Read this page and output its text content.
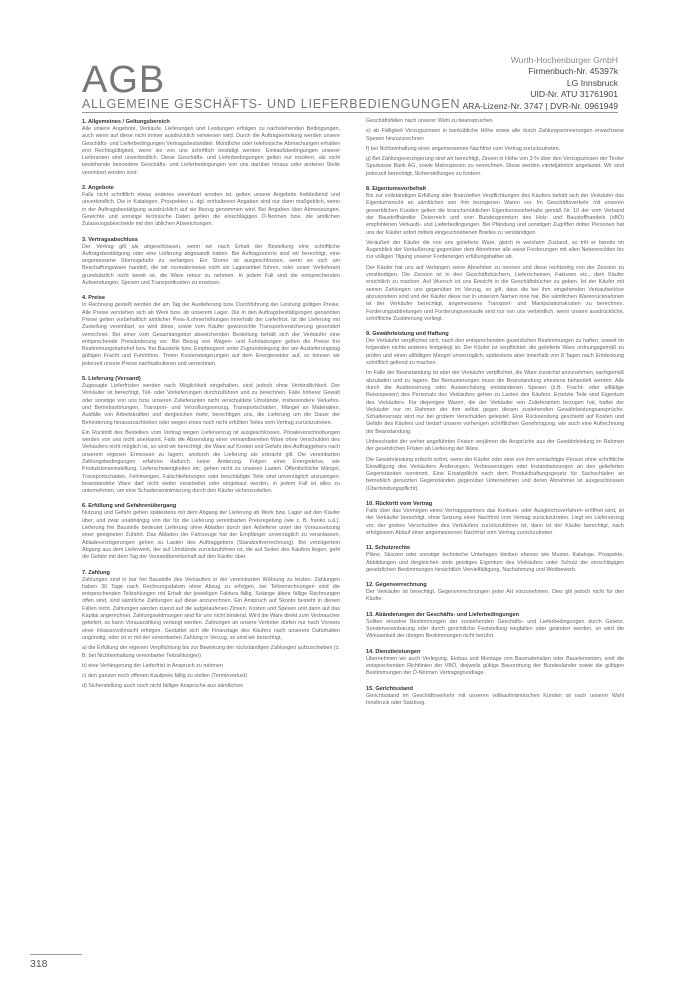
AGB
ALLGEMEINE GESCHÄFTS- UND LIEFERBEDIENGUNGEN
Wurth-Hochenburger GmbH
Firmenbuch-Nr. 45397k
LG Innsbruck
UID-Nr. ATU 31761901
ARA-Lizenz-Nr. 3747 | DVR-Nr. 0961949
1. Allgemeines / Geltungsbereich

Alle unsere Angebote, Verkäufe, Lieferungen und Leistungen erfolgen zu nachstehenden Bedingungen, auch wenn auf diese nicht immer ausdrücklich verwiesen wird. Durch die Auftragserteilung werden unsere Geschäfts- und Lieferbedingungen Vertragsbestandteil. Mündliche oder telefonische Abmachungen erhalten erst Rechtsgültigkeit, wenn sie von uns schriftlich bestätigt werden. Einkaufsbedingungen unserer Lieferanten sind unverbindlich. Diese Geschäfts- und Lieferbedingungen gelten nur insofern, als nicht bestehende besondere Geschäfts- und Lieferbedingungen von uns darüber hinaus oder anderen Stelle vereinbart worden sind.

2. Angebote

Falls nicht schriftlich etwas anderes vereinbart worden ist, gelten unsere Angebote freibleibend und unverbindlich. Die in Katalogen, Prospekten u. dgl. enthaltenen Angaben sind nur dann maßgeblich, wenn in der Auftragsbestätigung ausdrücklich auf sie Bezug genommen wird. Bei Angaben über Abmessungen, Gewichte und sonstige technische Daten gelten die einschlägigen Ö-Normen bzw. die amtlichen Zulassungsbescheide mit den üblichen Abweichungen.

3. Vertragsabschluss

Der Vertrag gilt als abgeschlossen, wenn wir nach Erhalt der Bestellung eine schriftliche Auftragsbestätigung oder eine Lieferung abgesandt haben. Bei Auftragsstorno sind wir berechtigt, eine angemessene Stornogebühr zu verlangen. Ein Storno ist ausgeschlossen, wenn es sich um Beschaffungsware handelt, die wir normalerweise nicht als Lagerartikel führen, oder unser Vorlieferant grundsätzlich nicht bereit ist, die Ware retour zu nehmen. In jedem Fall sind die entsprechenden Aufwendungen, Spesen und Transportkosten zu ersetzen.

4. Preise

In Rechnung gestellt werden die am Tag der Auslieferung bzw. Durchführung der Leistung gültigen Preise. Alle Preise verstehen sich ab Werk bzw. ab unserem Lager. Die in den Auftragsbestätigungen genannten Preise gelten vorbehaltlich amtlicher Preis-/Lohnerhöhungen innerhalb der Lieferfrist. Ist die Lieferung mit Zustellung vereinbart, so wird diese, sowie vom Käufer gewünschte Transportversicherung gesondert verrechnet. Bei einer vom Gesamtangebot abweichenden Bestellung behält sich der Verkäufer eine entsprechende Preisänderung vor. Bei Bezug von Wagen- und Fuhrladungen gelten die Preise frei Bestimmungsbahnhof bzw. frei Baustelle bzw. Empfangsort unter Zugrundelegung der am Auslieferungstag gültigen Fracht und Fuhrlöhne. Treten Kostensteigerungen auf dem Energiesektor auf, so können wir jederzeit unsere Preise nachkalkulieren und verrechnen.

5. Lieferung (Versand)

Zugesagte Lieferfristen werden nach Möglichkeit eingehalten, sind jedoch ohne Verbindlichkeit. Der Verkäufer ist berechtigt, Teil- oder Vorlieferungen durchzuführen und zu berechnen. Fälle höherer Gewalt oder sonstige von uns bzw. unseren Zulieferanten nicht verschuldete Umstände, insbesondere Verkehrs- und Betriebsstörungen, Transport- und Verzollungsverzug, Transportschäden, Mängel an Materialien, Ausfälle von Arbeitskräften und dergleichen mehr, berechtigen uns, die Lieferung um die Dauer der Behinderung hinauszuschieben oder wegen eines noch nicht erfüllten Teiles vom Vertrag zurückzutreten.

Ein Rücktritt des Bestellers vom Vertrag wegen Lieferverzug ist ausgeschlossen. Pönaleverschreibungen werden von uns nicht anerkannt. Falls die Absendung einer versandbereiten Ware ohne Verschulden des Verkäufers nicht möglich ist, so sind wir berechtigt, die Ware auf Kosten und Gefahr des Auftraggebers nach unserem eigenen Ermessen zu lagern, wodurch die Lieferung als erbracht gilt. Die vereinbarten Zahlungsbedingungen erfahren dadurch keine Änderung. Folgen einer Energiekrise, wie Produktionseinstellung, Lieferschwierigkeiten etc. gehen nicht zu unseren Lasten. Öffentlichliche Mängel, Transportschäden, Fehlmengen, Falschlieferungen oder beschädigte Teile sind unverzüglich anzuzeigen; beanstandete Ware darf nicht weiter verarbeitet oder eingebaut werden, in jedem Fall ist alles zu unternehmen, um eine Schadensminimierung durch den Käufer sicherzustellen.

6. Erfüllung und Gefahrenübergang

Nutzung und Gefahr gehen spätestens mit dem Abgang der Lieferung ab Werk bzw. Lager auf den Käufer über, und zwar unabhängig von der für die Lieferung vereinbarten Preisregelung (wie z. B. franko u.ä.). Lieferung frei Baustelle bedeutet Lieferung ohne Abladen durch den Anlieferer unter der Voraussetzung einer geeigneten Zufahrt. Das Abladen der Fahrzeuge hat der Empfänger unverzüglich zu veranlassen, Abladeverzögerungen gehen zu Lasten des Auftraggebers (Standzeitverrechnung). Bei verzögertem Abgang aus dem Lieferwerk, der auf Umstände zurückzuführen ist, die auf Seiten des Käufers liegen, geht die Gefahr mit dem Tag der Versandbereitschaft auf den Käufer über.

7. Zahlung

Zahlungen sind in bar frei Baustelle des Verkäufers in der vereinbarten Währung zu leisten. Zahlungen haben 30 Tage nach Rechnungsdatum ohne Abzug zu erfolgen, bei Teilverrechnungen sind die entsprechenden Teilzahlungen mit Erhalt der jeweiligen Faktura fällig. Solange ältere fällige Rechnungen offen sind, sind sämtliche Zahlungen auf diese anzurechnen. Ein Anspruch auf Skonto besteht in diesen Fällen nicht. Zahlungen werden zuerst auf die aufgelaufenen Zinsen, Kosten und Spesen und dann auf das Kapital angerechnet. Zahlungswidmungen sind für uns nicht bindend. Wird die Ware direkt zum Verbraucher geliefert, so kann Vorauszahlung verlangt werden. Zahlungen an unsere Vertreter dürfen nur nach Vorweis einer Inkassovollmacht erfolgen. Gestattet sich die Finanzlage des Käufers nach unserem Dafürhalten ungünstig, oder ist er mit der vereinbarten Zahlung in Verzug, so sind wir berechtigt,

a) die Erfüllung der eigenen Verpflichtung bis zur Bewirkung der rückständigen Zahlungen aufzuschieben (z. B. bei Nichteinhaltung vereinbarter Teilzahlungen)

b) eine Verlängerung der Lieferfrist in Anspruch zu nehmen

c) den ganzen noch offenen Kaufpreis fällig zu stellen (Terminverlust)

d) Sicherstellung auch noch nicht fälliger Ansprüche aus sämtlichen

Geschäftsfällen nach unserer Wahl zu beanspruchen

e) ab Fälligkeit Verzugszinsen in bankübliche Höhe sowie alle durch Zahlungserinnerungen erwachsene Spesen hinzuzurechnen

f) bei Nichteinhaltung einer angemessenen Nachfrist vom Vertrag zurückzutreten.

g) Bei Zahlungsverzögerung sind wir berechtigt, Zinsen in Höhe von 3 % über den Verzugszinsen der Tiroler Sparkasse Bank AG, sowie Mahnspesen zu verrechnen. Diese werden vierteljährlich angelastet. Wir sind jederzeit berechtigt, Sicherstellungen zu fordern.

8. Eigentumsvorbehalt

Bis zur vollständigen Erfüllung aller finanziellen Verpflichtungen des Käufers behält sich der Verkäufer das Eigentumsrecht an sämtlichen von ihm bezogenen Waren vor. Im Geschäftsverkehr mit unseren gewerblichen Kunden gelten die branchenüblichen Eigentumsvorbehalte gemäß Nr. 10 der vom Verband der Baustoffhändler Österreich und vom Bundesgremium des Holz- und Baustoffhandels (vBÖ) empfohlenen Verkaufs- und Lieferbedingungen. Bei Pfändung und sonstigen Zugriffen dritter Personen hat uns der Käufer sofort mittels eingeschriebenen Briefes zu verständigen.

Veräußert der Käufer die von uns gelieferte Ware, gleich in welchem Zustand, so tritt er bereits im Augenblick der Veräußerung gegenüber dem Abnehmer alle seine Forderungen mit allen Nebenrechten bis zur völligen Tilgung unserer Forderungen erfüllungshalber ab.

Der Käufer hat uns auf Verlangen seine Abnehmer zu nennen und diese rechtzeitig von der Zession zu verständigen. Die Zession ist in den Geschäftsbüchern, Lieferscheinen, Fakturen etc., dem Käufer ersichtlich zu machen. Auf Wunsch ist uns Einsicht in die Geschäftsbücher zu geben. Ist der Käufer mit seinen Zahlungen uns gegenüber im Verzug, so gilt, dass die bei ihm eingehenden Verkaufserlöse abzusondern sind und der Käufer diese nur in unserem Namen inne hat. Bei sämtlichen Warenrücknahmen ist der Verkäufer berechtigt, angemessene Transport- und Manipulationskosten zu berechnen. Forderungsabtretungen und Forderungsverkaufe sind nur von uns verbindlich, wenn unsere ausdrückliche, schriftliche Zustimmung vorliegt.

9. Gewährleistung und Haftung

Der Verkäufer verpflichtet sich, nach den entsprechenden gesetzlichen Bestimmungen zu haften, soweit im folgenden nichts anderes festgelegt ist. Der Käufer ist verpflichtet, die gelieferte Ware ordnungsgemäß zu prüfen und einen allfälligen Mangel unverzüglich, spätestens aber innerhalb von 8 Tagen nach Entdeckung schriftlich geltend zu machen.

Im Falle der Beanstandung ist aber der Verkäufer verpflichtet, die Ware zunächst anzunehmen, sachgemäß abzuladen und zu lagern. Bei Bemusterungen muss die Beanstandung ehestens behandelt werden. Alle durch die Ausbesserung oder Auswechslung entstandenen Spesen (z.B. Fracht- oder allfällige Reisespesen) des Personals des Verkäufers gehen zu Lasten des Käufers. Ersetzte Teile sind Eigentum des Verkäufers. Für diejenigen Waren, die der Verkäufer von Zulieferanten bezogen hat, haftet der Verkäufer nur im Rahmen der ihm selbst gegen diesen zustehenden Gewährleistungsansprüche. Schadenersatz wird nur bei grobem Verschulden geleistet. Eine Rücksendung geschieht auf Kosten und Gefahr des Käufers und bedarf unserer vorherigen schriftlichen Genehmigung, wie auch eine Aufrechnung der Beanstandung.

Unbeschadet der vorher angeführten Fristen verjähren die Ansprüche aus der Gewährleistung im Rahmen der gesetzlichen Fristen ab Lieferung der Ware.

Die Gewährleistung erlischt sofort, wenn der Käufer oder eine von ihm ermächtigte Person ohne schriftliche Einwilligung des Verkäufers Änderungen, Verbesserungen oder Instandsetzungen an den gelieferten Gegenständen vornimmt. Eine Ersatzpflicht nach dem Produkthaftungsgesetz für Sachschäden an betrieblich genutzten Gegenständen gegenüber Unternehmen und deren Abnehmer ist ausgeschlossen (Überbindungspflicht).

10. Rücktritt vom Vertrag

Falls über das Vermögen eines Vertragspartners das Konkurs- oder Ausgleichsverfahren eröffnet wird, ist der Verkäufer berechtigt, ohne Setzung einer Nachfrist vom Vertrag zurückzutreten. Liegt ein Lieferverzug vor, der grobes Verschulden des Verkäufers zurückzuführen ist, dann ist der Käufer berechtigt, nach erfolglosem Ablauf einer angemessenen Nachfrist vom Vertrag zurückzutreten.

11. Schutzrechte

Pläne, Skizzen oder sonstige technische Unterlagen bleiben ebenso wie Muster, Kataloge, Prospekte, Abbildungen und dergleichen stets geistiges Eigentum des Verkäufers unter Schutz der einschlägigen gesetzlichen Bestimmungen hinsichtlich Vervielfältigung, Nachahmung und Wettbewerb.

12. Gegenverrechnung

Der Verkäufer ist berechtigt, Gegenverrechnungen jeder Art vorzunehmen. Dies gilt jedoch nicht für den Käufer.

13. Abänderungen der Geschäfts- und Lieferbedingungen

Sollten einzelne Bestimmungen der vorstehenden Geschäfts- und Lieferbedingungen durch Gesetz, Sondervereinbarung oder durch gerichtliche Feststellung wegfallen oder geändert werden, so wird die Wirksamkeit der übrigen Bestimmungen nicht berührt.

14. Dienstleistungen

Übernehmen wir auch Verlegung, Einbau und Montage von Baumaterialien oder Bauelementen, sind die entsprechenden Richtlinien der VBÖ, diejweils gültige Bauordnung der Bundesländer sowie die gültigen Bestimmungen der Ö-Normen Vertragsgrundlage.

15. Gerichtsstand

Gerichtsstand im Geschäftsverkehr mit unseren vollkaufmännischen Kunden ist nach unserer Wahl Innsbruck oder Salzburg.

318
